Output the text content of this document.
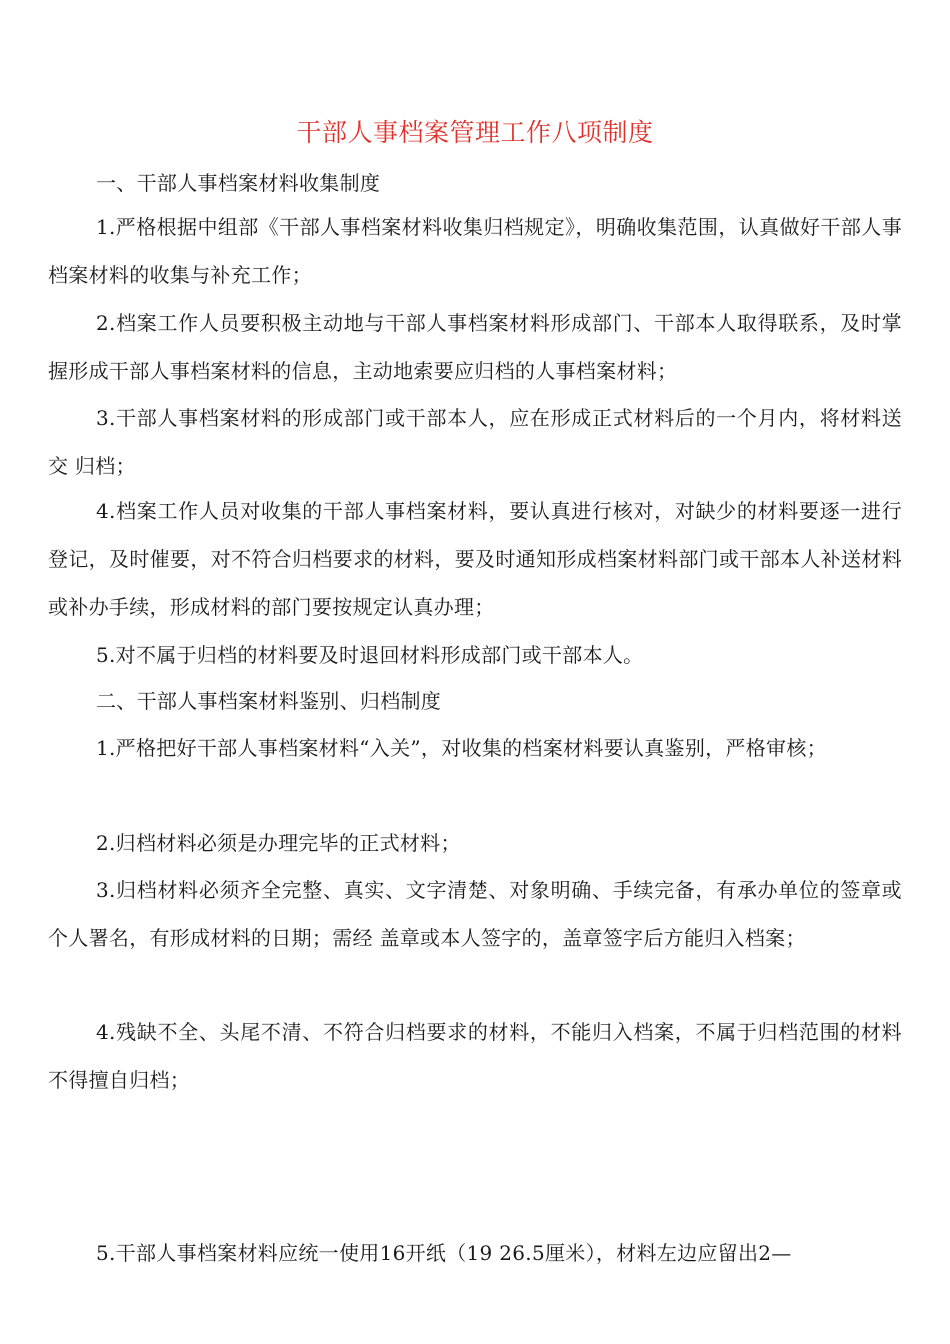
干部人事档案管理工作八项制度
一、干部人事档案材料收集制度
1.严格根据中组部《干部人事档案材料收集归档规定》，明确收集范围，认真做好干部人事档案材料的收集与补充工作；
2.档案工作人员要积极主动地与干部人事档案材料形成部门、干部本人取得联系，及时掌握形成干部人事档案材料的信息，主动地索要应归档的人事档案材料；
3.干部人事档案材料的形成部门或干部本人，应在形成正式材料后的一个月内，将材料送交 归档；
4.档案工作人员对收集的干部人事档案材料，要认真进行核对，对缺少的材料要逐一进行登记，及时催要，对不符合归档要求的材料，要及时通知形成档案材料部门或干部本人补送材料或补办手续，形成材料的部门要按规定认真办理；
5.对不属于归档的材料要及时退回材料形成部门或干部本人。
二、干部人事档案材料鉴别、归档制度
1.严格把好干部人事档案材料“入关”，对收集的档案材料要认真鉴别，严格审核；
2.归档材料必须是办理完毕的正式材料；
3.归档材料必须齐全完整、真实、文字清楚、对象明确、手续完备，有承办单位的签章或个人署名，有形成材料的日期；需经 盖章或本人签字的，盖章签字后方能归入档案；
4.残缺不全、头尾不清、不符合归档要求的材料，不能归入档案，不属于归档范围的材料不得擅自归档；
5.干部人事档案材料应统一使用16开纸（19 26.5厘米），材料左边应留出2—
